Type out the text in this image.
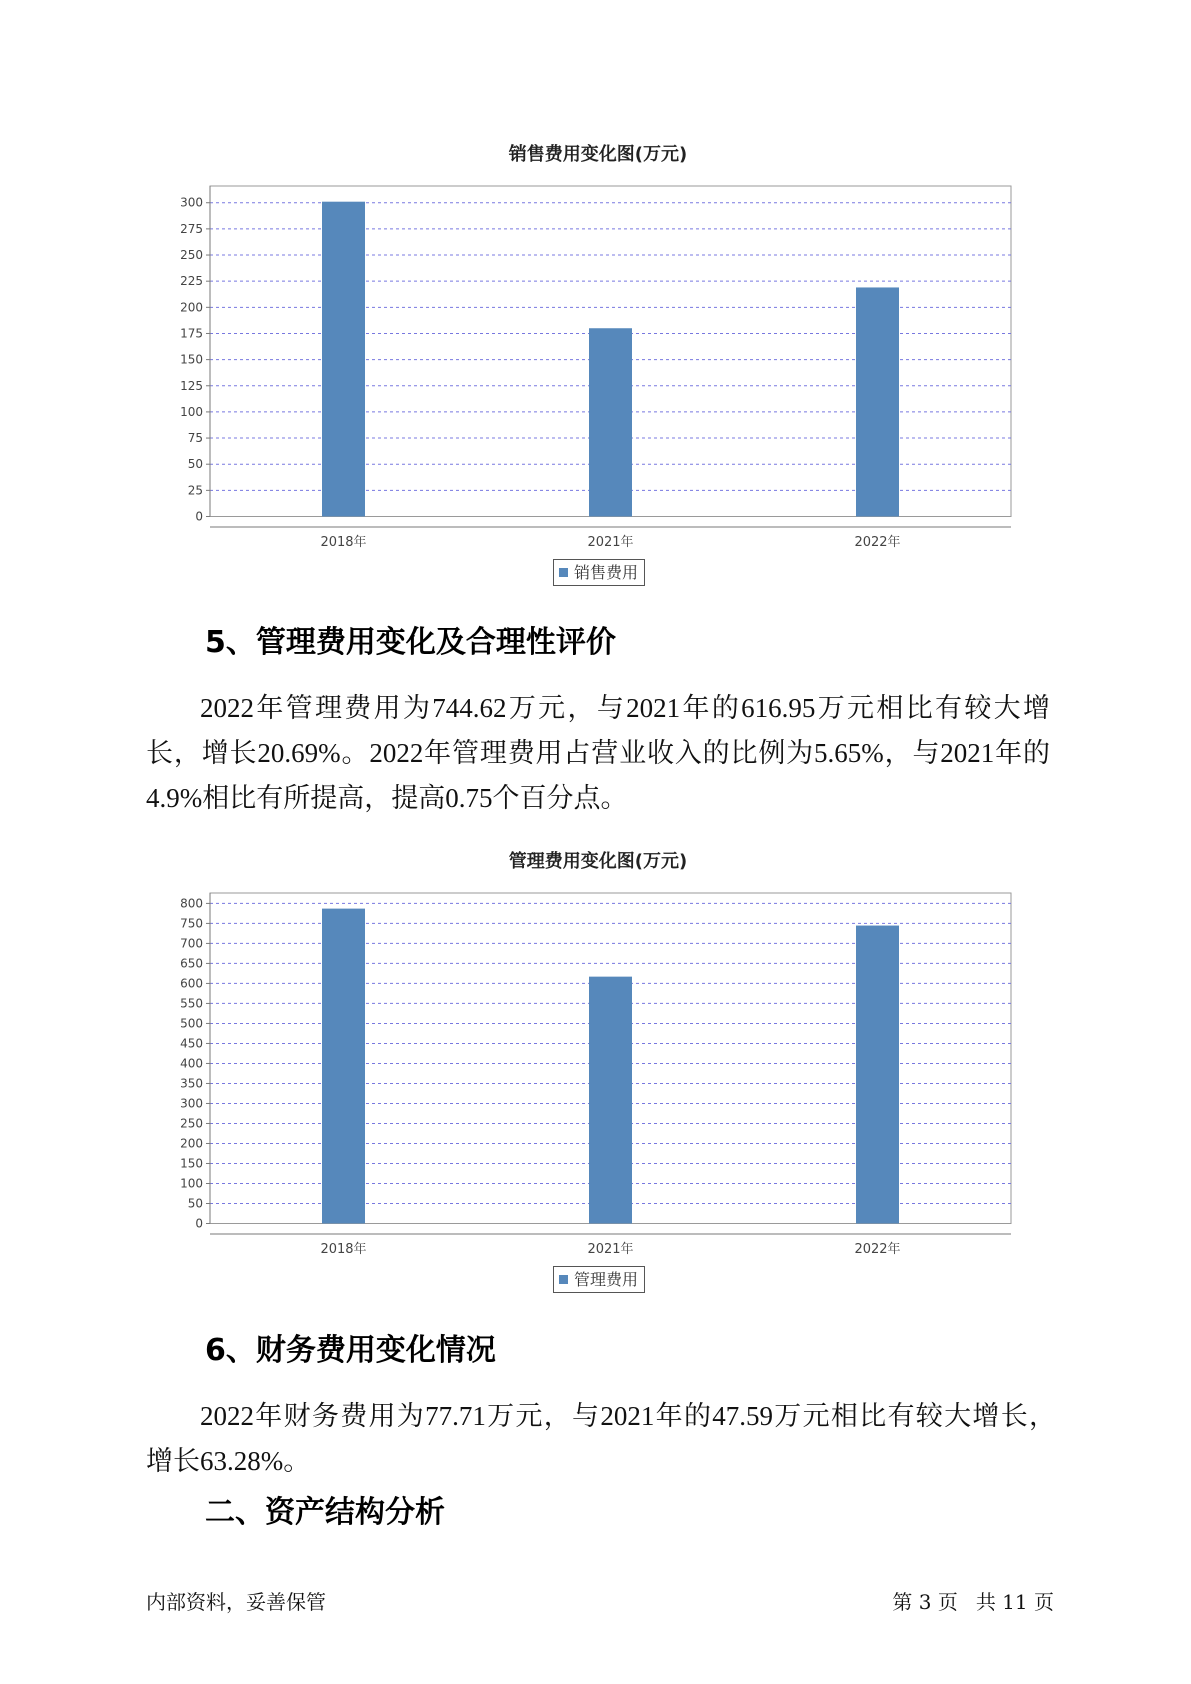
销售费用变化图(万元)
0
25
50
75
100
125
150
175
200
225
250
275
300
2018年	2021年	2022年
销售费用
5、管理费用变化及合理性评价
2022年管理费用为744.62万元，与2021年的616.95万元相比有较大增
长，增长20.69%。2022年管理费用占营业收入的比例为5.65%，与2021年的
4.9%相比有所提高，提高0.75个百分点。
管理费用变化图(万元)
0
50
100
150
200
250
300
350
400
450
500
550
600
650
700
750
800
2018年	2021年	2022年
管理费用
6、财务费用变化情况
2022年财务费用为77.71万元，与2021年的47.59万元相比有较大增长，
增长63.28%。
二、资产结构分析
内部资料，妥善保管	第 3 页 共 11 页
